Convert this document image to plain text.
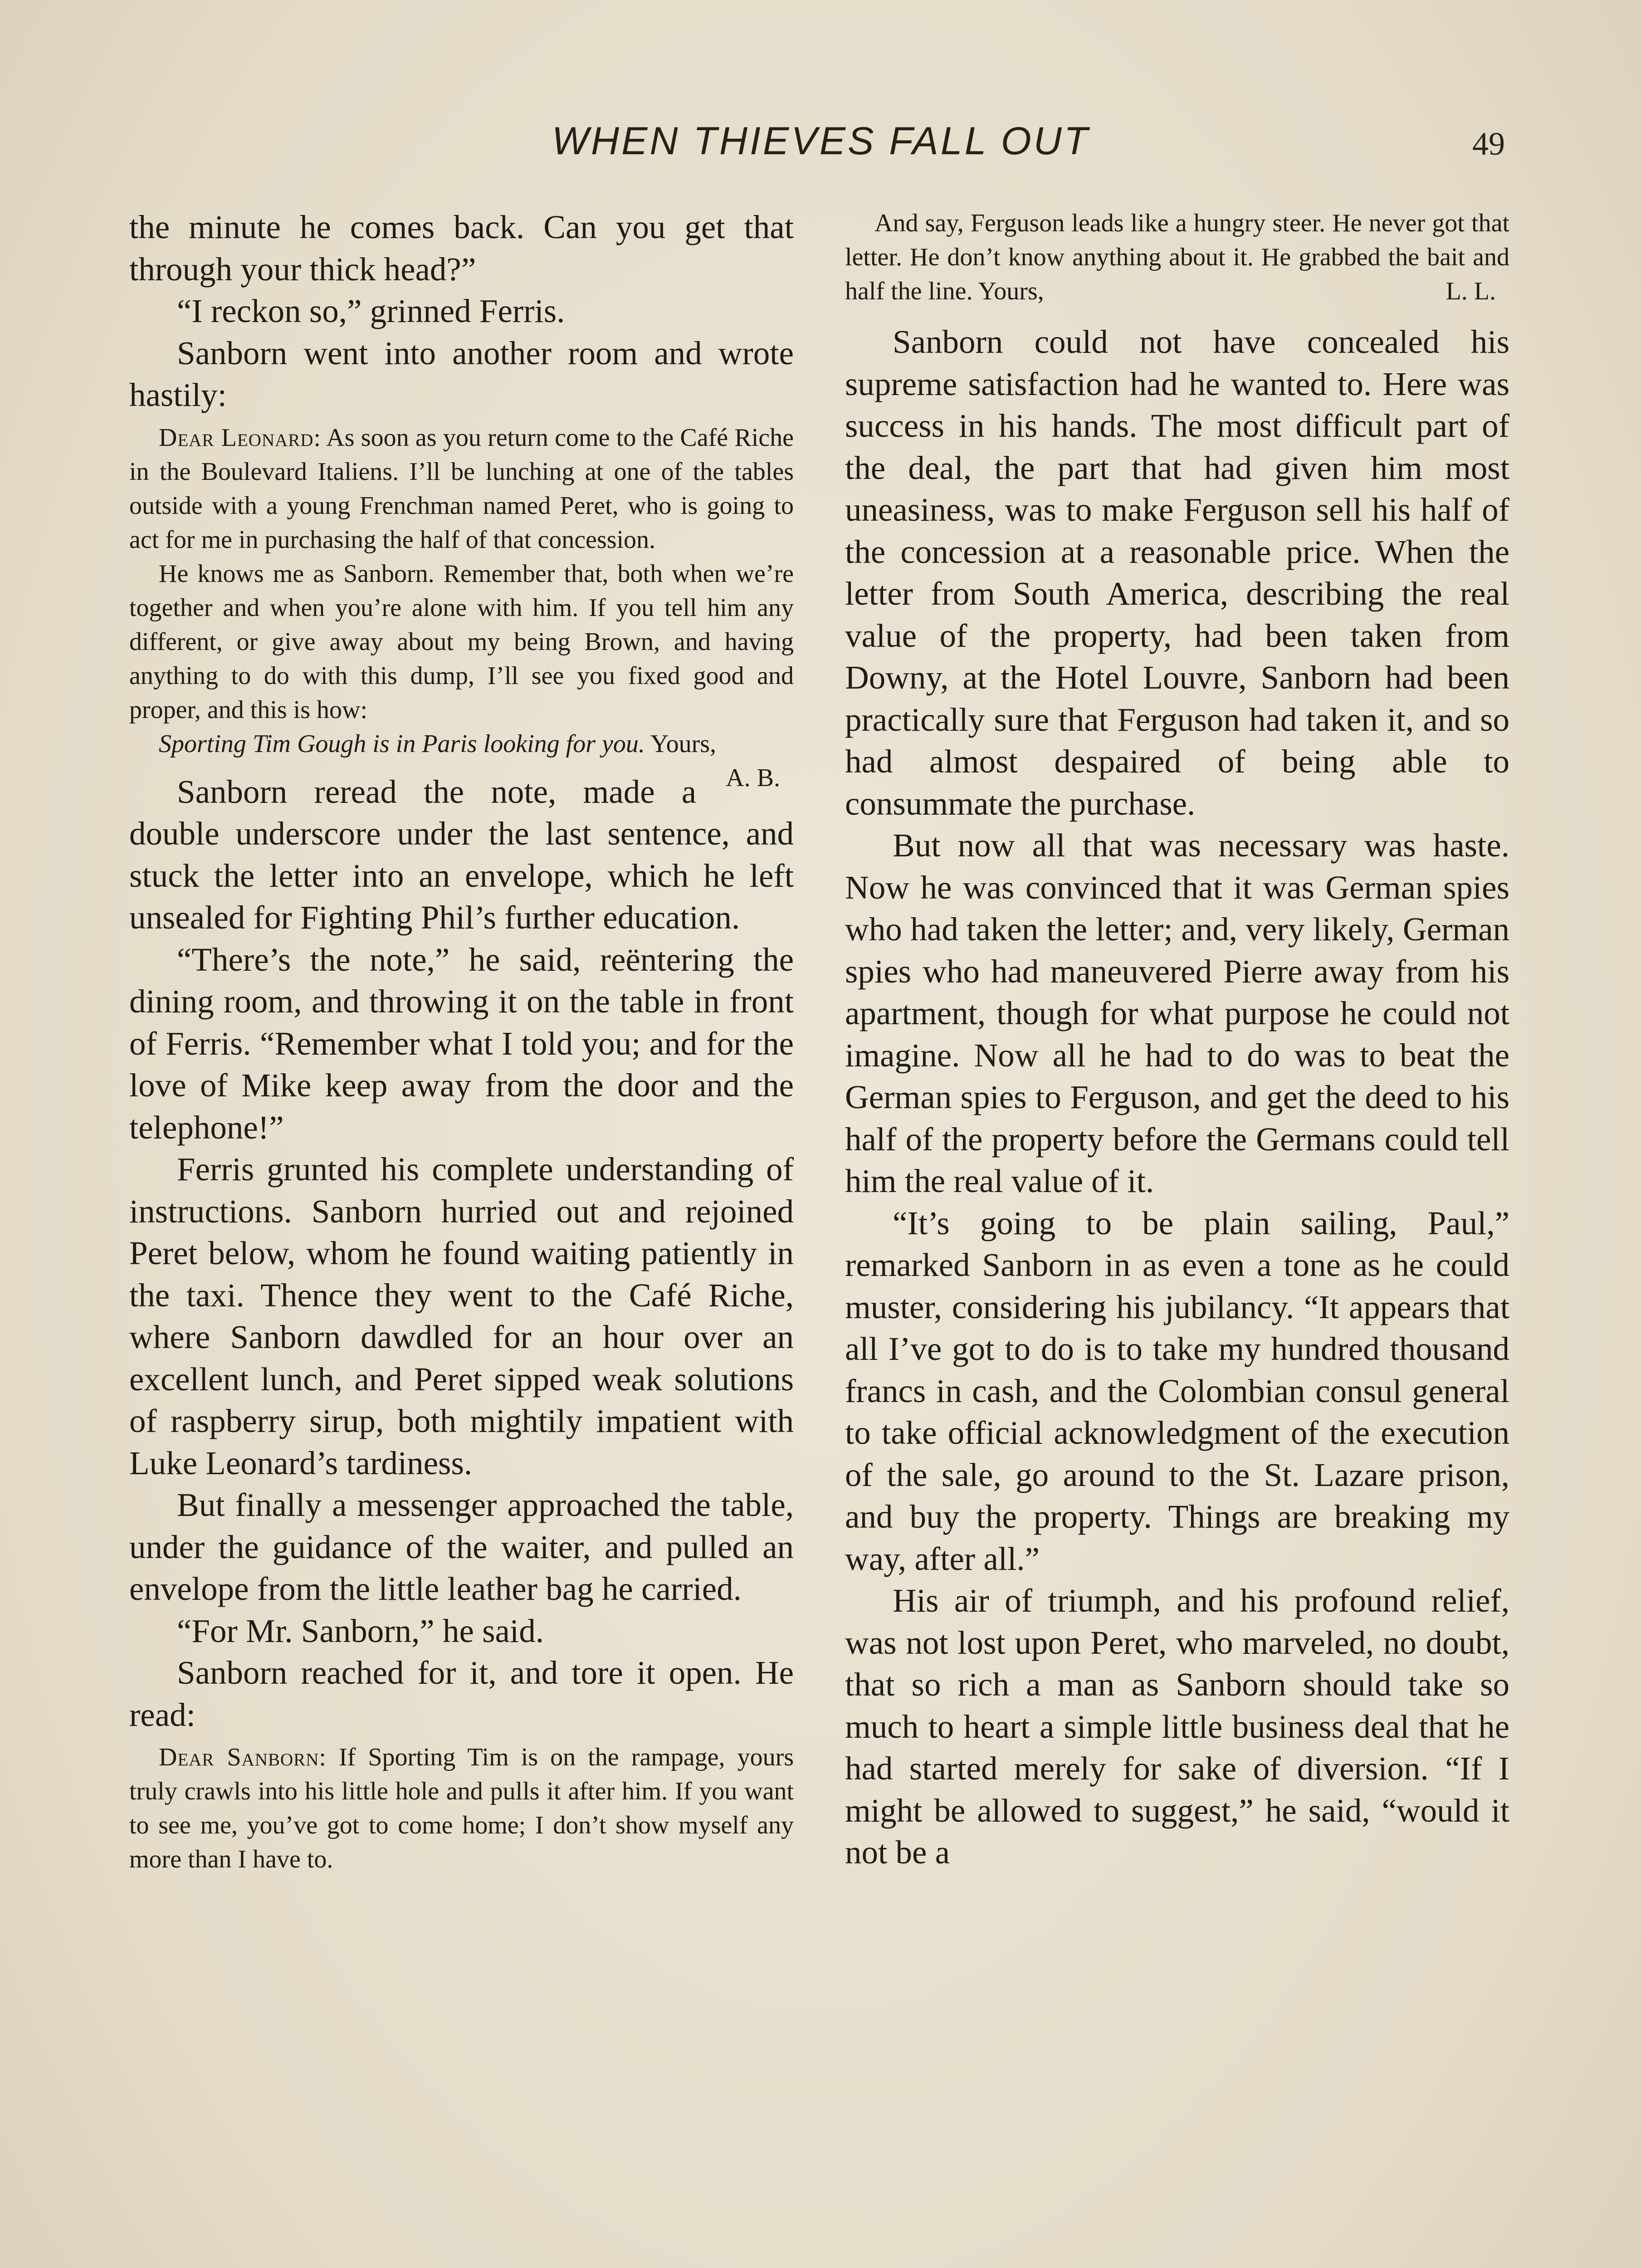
WHEN THIEVES FALL OUT	49

the minute he comes back. Can you get that through your thick head?”

“I reckon so,” grinned Ferris.

Sanborn went into another room and wrote hastily:

Dear Leonard: As soon as you return come to the Café Riche in the Boulevard Italiens. I’ll be lunching at one of the tables outside with a young Frenchman named Peret, who is going to act for me in purchasing the half of that concession.

He knows me as Sanborn. Remember that, both when we’re together and when you’re alone with him. If you tell him any different, or give away about my being Brown, and having anything to do with this dump, I’ll see you fixed good and proper, and this is how:

Sporting Tim Gough is in Paris looking for you. Yours,
A. B.

Sanborn reread the note, made a double underscore under the last sentence, and stuck the letter into an envelope, which he left unsealed for Fighting Phil’s further education.

“There’s the note,” he said, reëntering the dining room, and throwing it on the table in front of Ferris. “Remember what I told you; and for the love of Mike keep away from the door and the telephone!”

Ferris grunted his complete understanding of instructions. Sanborn hurried out and rejoined Peret below, whom he found waiting patiently in the taxi. Thence they went to the Café Riche, where Sanborn dawdled for an hour over an excellent lunch, and Peret sipped weak solutions of raspberry sirup, both mightily impatient with Luke Leonard’s tardiness.

But finally a messenger approached the table, under the guidance of the waiter, and pulled an envelope from the little leather bag he carried.

“For Mr. Sanborn,” he said.

Sanborn reached for it, and tore it open. He read:

Dear Sanborn: If Sporting Tim is on the rampage, yours truly crawls into his little hole and pulls it after him. If you want to see me, you’ve got to come home; I don’t show myself any more than I have to.

And say, Ferguson leads like a hungry steer. He never got that letter. He don’t know anything about it. He grabbed the bait and half the line. Yours,	L. L.

Sanborn could not have concealed his supreme satisfaction had he wanted to. Here was success in his hands. The most difficult part of the deal, the part that had given him most uneasiness, was to make Ferguson sell his half of the concession at a reasonable price. When the letter from South America, describing the real value of the property, had been taken from Downy, at the Hotel Louvre, Sanborn had been practically sure that Ferguson had taken it, and so had almost despaired of being able to consummate the purchase.

But now all that was necessary was haste. Now he was convinced that it was German spies who had taken the letter; and, very likely, German spies who had maneuvered Pierre away from his apartment, though for what purpose he could not imagine. Now all he had to do was to beat the German spies to Ferguson, and get the deed to his half of the property before the Germans could tell him the real value of it.

“It’s going to be plain sailing, Paul,” remarked Sanborn in as even a tone as he could muster, considering his jubilancy. “It appears that all I’ve got to do is to take my hundred thousand francs in cash, and the Colombian consul general to take official acknowledgment of the execution of the sale, go around to the St. Lazare prison, and buy the property. Things are breaking my way, after all.”

His air of triumph, and his profound relief, was not lost upon Peret, who marveled, no doubt, that so rich a man as Sanborn should take so much to heart a simple little business deal that he had started merely for sake of diversion. “If I might be allowed to suggest,” he said, “would it not be a
